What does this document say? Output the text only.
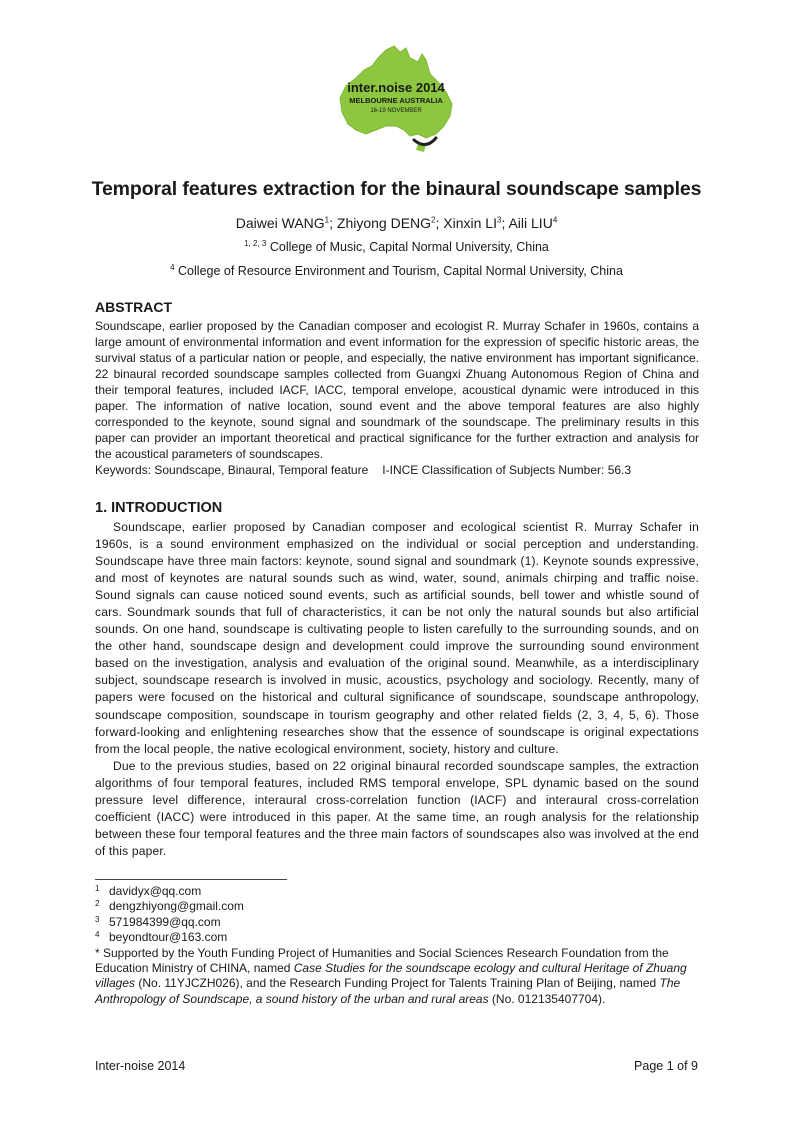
inter.noise 2014
MELBOURNE AUSTRALIA
16-19 NOVEMBER
Temporal features extraction for the binaural soundscape samples
Daiwei WANG$^1$; Zhiyong DENG$^2$; Xinxin $LI^3$; Aili LIU$^4$
$^{1, 2, 3}$ College of Music, Capital Normal University, China
$^4$ College of Resource Environment and Tourism, Capital Normal University, China
ABSTRACT
Soundscape, earlier proposed by the Canadian composer and ecologist R. Murray Schafer in 1960s, contains a large amount of environmental information and event information for the expression of specific historic areas, the survival status of a particular nation or people, and especially, the native environment has important significance. 22 binaural recorded soundscape samples collected from Guangxi Zhuang Autonomous Region of China and their temporal features, included IACF, IACC, temporal envelope, acoustical dynamic were introduced in this paper. The information of native location, sound event and the above temporal features are also highly corresponded to the keynote, sound signal and soundmark of the soundscape. The preliminary results in this paper can provider an important theoretical and practical significance for the further extraction and analysis for the acoustical parameters of soundscapes.
Keywords: Soundscape, Binaural, Temporal feature I-INCE Classification of Subjects Number: 56.3
1. INTRODUCTION

Soundscape, earlier proposed by Canadian composer and ecological scientist R. Murray Schafer in 1960s, is a sound environment emphasized on the individual or social perception and understanding. Soundscape have three main factors: keynote, sound signal and soundmark (1). Keynote sounds expressive, and most of keynotes are natural sounds such as wind, water, sound, animals chirping and traffic noise. Sound signals can cause noticed sound events, such as artificial sounds, bell tower and whistle sound of cars. Soundmark sounds that full of characteristics, it can be not only the natural sounds but also artificial sounds. On one hand, soundscape is cultivating people to listen carefully to the surrounding sounds, and on the other hand, soundscape design and development could improve the surrounding sound environment based on the investigation, analysis and evaluation of the original sound. Meanwhile, as a interdisciplinary subject, soundscape research is involved in music, acoustics, psychology and sociology. Recently, many of papers were focused on the historical and cultural significance of soundscape, soundscape anthropology, soundscape composition, soundscape in tourism geography and other related fields (2, 3, 4, 5, 6). Those forward-looking and enlightening researches show that the essence of soundscape is original expectations from the local people, the native ecological environment, society, history and culture.

Due to the previous studies, based on 22 original binaural recorded soundscape samples, the extraction algorithms of four temporal features, included RMS temporal envelope, SPL dynamic based on the sound pressure level difference, interaural cross-correlation function (IACF) and interaural cross-correlation coefficient (IACC) were introduced in this paper. At the same time, an rough analysis for the relationship between these four temporal features and the three main factors of soundscapes also was involved at the end of this paper.

1 davidyx@qq.com
2 dengzhiyong@gmail.com
3 571984399@qq.com
4 beyondtour@163.com
* Supported by the Youth Funding Project of Humanities and Social Sciences Research Foundation from the Education Ministry of CHINA, named Case Studies for the soundscape ecology and cultural Heritage of Zhuang villages (No. 11YJCZH026), and the Research Funding Project for Talents Training Plan of Beijing, named The Anthropology of Soundscape, a sound history of the urban and rural areas (No. 012135407704).
Inter-noise 2014	Page 1 of 9
